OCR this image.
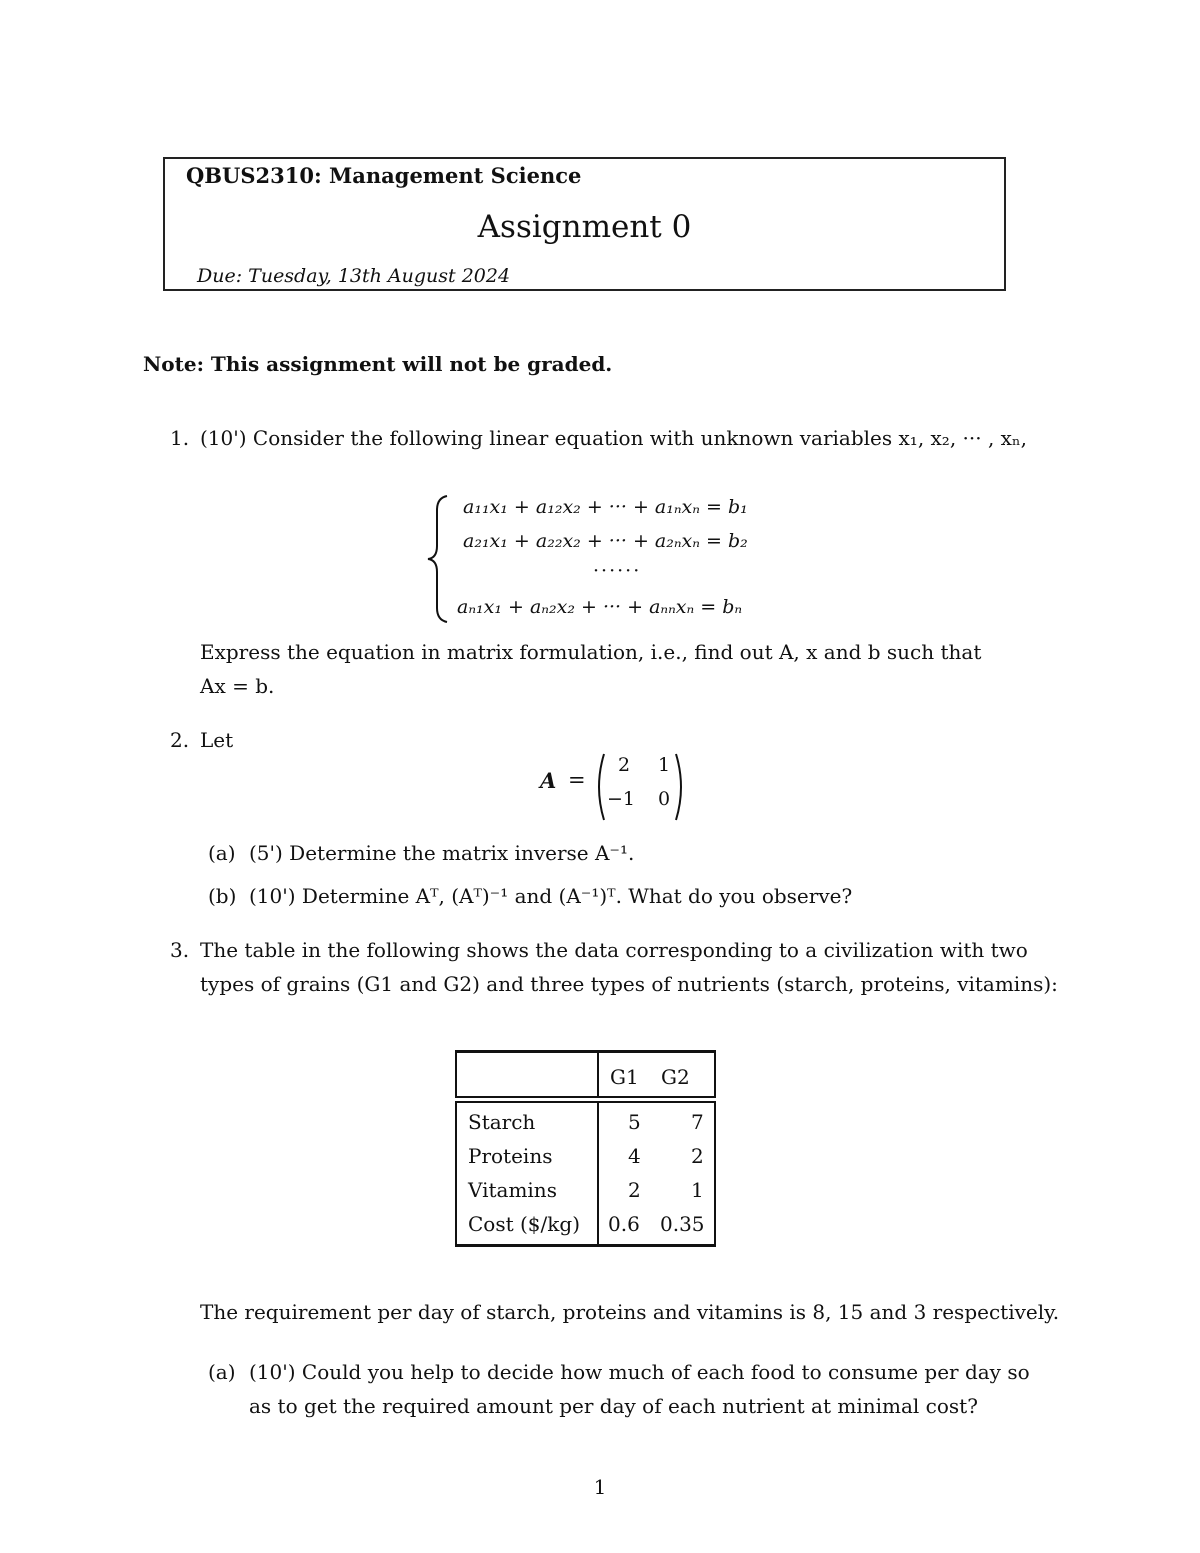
QBUS2310: Management Science
Assignment 0
Due: Tuesday, 13th August 2024
Note: This assignment will not be graded.
1. (10') Consider the following linear equation with unknown variables x₁, x₂, ··· , xₙ,
a₁₁x₁ + a₁₂x₂ + ··· + a₁ₙxₙ = b₁
a₂₁x₁ + a₂₂x₂ + ··· + a₂ₙxₙ = b₂
······
aₙ₁x₁ + aₙ₂x₂ + ··· + aₙₙxₙ = bₙ
Express the equation in matrix formulation, i.e., find out A, x and b such that
Ax = b.
2. Let
A =
2 1
−1 0
(a) (5') Determine the matrix inverse A⁻¹.
(b) (10') Determine Aᵀ, (Aᵀ)⁻¹ and (A⁻¹)ᵀ. What do you observe?
3. The table in the following shows the data corresponding to a civilization with two
types of grains (G1 and G2) and three types of nutrients (starch, proteins, vitamins):
G1 G2
Starch	5	7
Proteins	4	2
Vitamins	2	1
Cost ($/kg) 0.6 0.35
The requirement per day of starch, proteins and vitamins is 8, 15 and 3 respectively.
(a) (10') Could you help to decide how much of each food to consume per day so
as to get the required amount per day of each nutrient at minimal cost?
1
